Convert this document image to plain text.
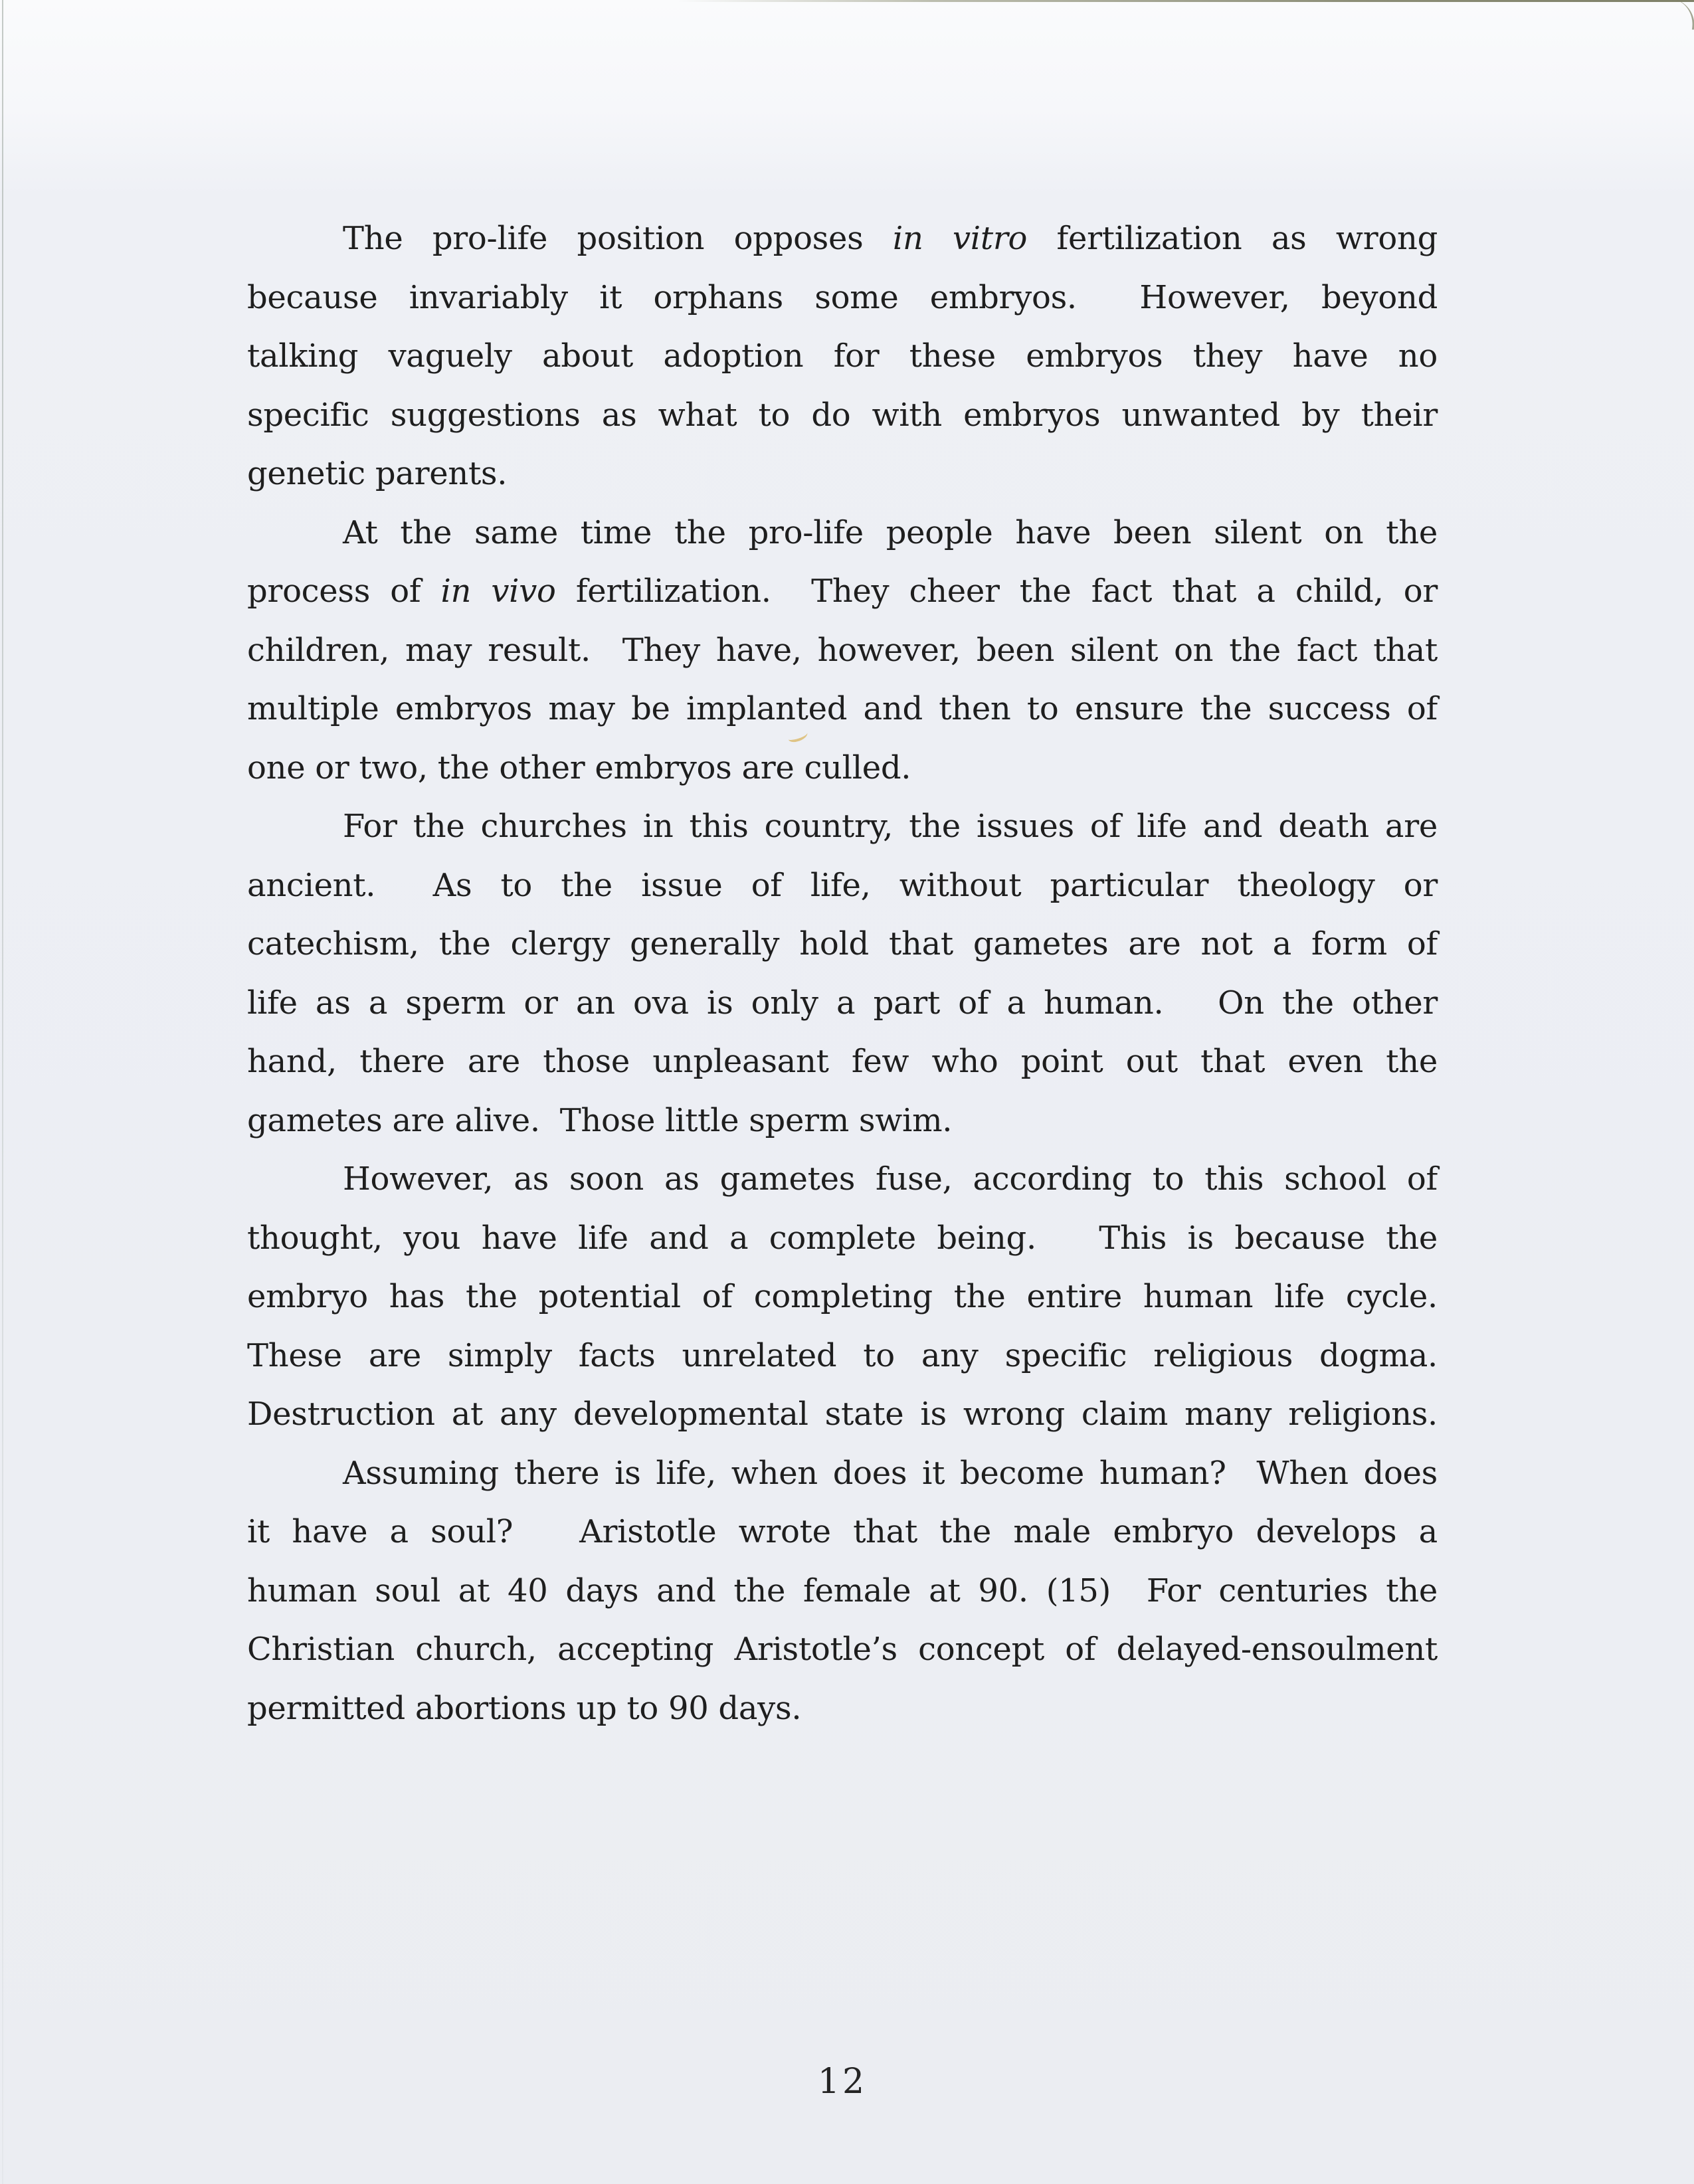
The pro-life position opposes in vitro fertilization as wrong
because invariably it orphans some embryos.  However, beyond
talking vaguely about adoption for these embryos they have no
specific suggestions as what to do with embryos unwanted by their
genetic parents.
At the same time the pro-life people have been silent on the
process of in vivo fertilization.  They cheer the fact that a child, or
children, may result.  They have, however, been silent on the fact that
multiple embryos may be implanted and then to ensure the success of
one or two, the other embryos are culled.
For the churches in this country, the issues of life and death are
ancient.  As to the issue of life, without particular theology or
catechism, the clergy generally hold that gametes are not a form of
life as a sperm or an ova is only a part of a human.   On the other
hand, there are those unpleasant few who point out that even the
gametes are alive.  Those little sperm swim.
However, as soon as gametes fuse, according to this school of
thought, you have life and a complete being.   This is because the
embryo has the potential of completing the entire human life cycle.
These are simply facts unrelated to any specific religious dogma.
Destruction at any developmental state is wrong claim many religions.
Assuming there is life, when does it become human?  When does
it have a soul?   Aristotle wrote that the male embryo develops a
human soul at 40 days and the female at 90. (15)  For centuries the
Christian church, accepting Aristotle’s concept of delayed-ensoulment
permitted abortions up to 90 days.
12
